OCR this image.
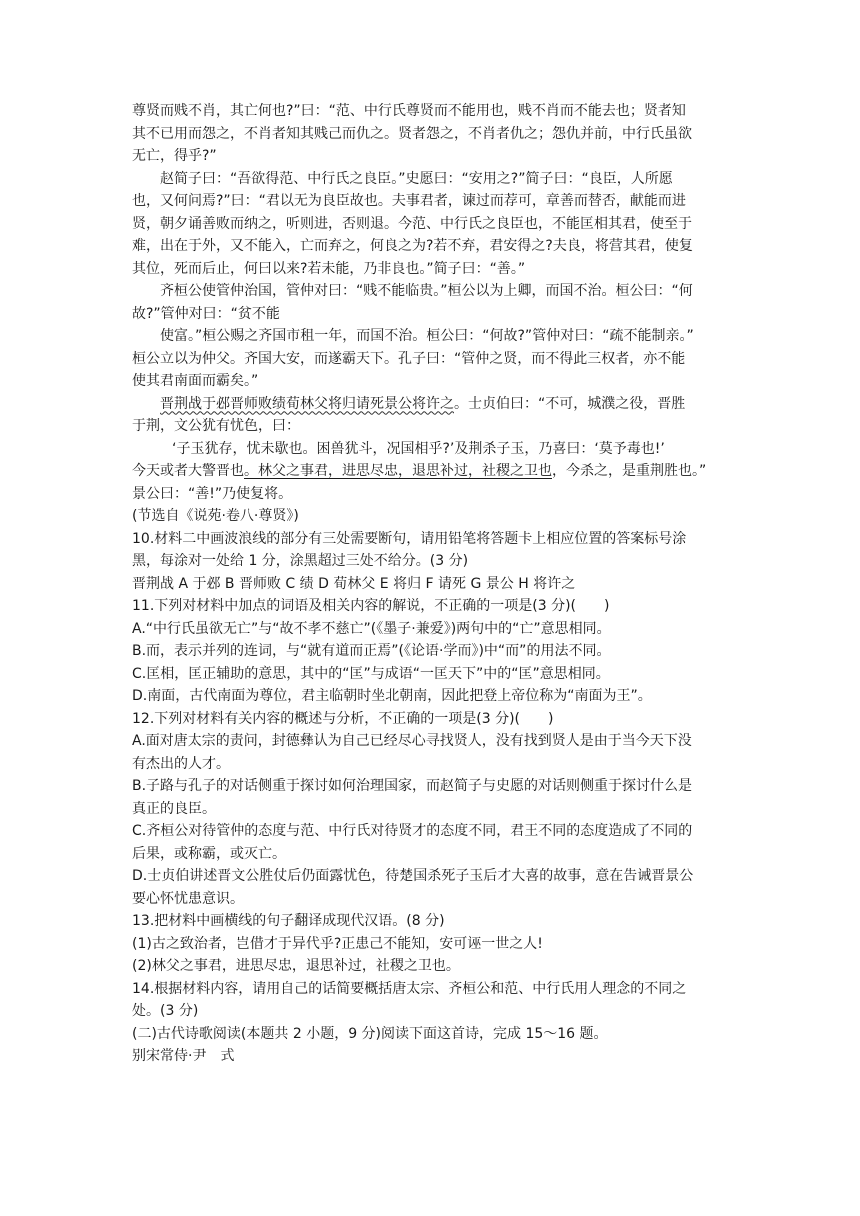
尊贤而贱不肖，其亡何也?”曰：“范、中行氏尊贤而不能用也，贱不肖而不能去也；贤者知
其不已用而怨之，不肖者知其贱己而仇之。贤者怨之，不肖者仇之；怨仇并前，中行氏虽欲
无亡，得乎?”
赵简子曰：“吾欲得范、中行氏之良臣。”史愿曰：“安用之?”简子曰：“良臣，人所愿
也，又何问焉?”曰：“君以无为良臣故也。夫事君者，谏过而荐可，章善而替否，献能而进
贤，朝夕诵善败而纳之，听则进，否则退。今范、中行氏之良臣也，不能匡相其君，使至于
难，出在于外，又不能入，亡而弃之，何良之为?若不弃，君安得之?夫良，将营其君，使复
其位，死而后止，何曰以来?若未能，乃非良也。”简子曰：“善。”
齐桓公使管仲治国，管仲对曰：“贱不能临贵。”桓公以为上卿，而国不治。桓公曰：“何
故?”管仲对曰：“贫不能
使富。”桓公赐之齐国市租一年，而国不治。桓公曰：“何故?”管仲对曰：“疏不能制亲。”
桓公立以为仲父。齐国大安，而遂霸天下。孔子曰：“管仲之贤，而不得此三权者，亦不能
使其君南面而霸矣。”
晋荆战于邲晋师败绩荀林父将归请死景公将许之。士贞伯曰：“不可，城濮之役，晋胜
于荆，文公犹有忧色，曰：
‘子玉犹存，忧未歇也。困兽犹斗，况国相乎?’及荆杀子玉，乃喜曰：‘莫予毒也!’
今天或者大警晋也。林父之事君，进思尽忠，退思补过，社稷之卫也，今杀之，是重荆胜也。”
景公曰：“善!”乃使复将。
(节选自《说苑·卷八·尊贤》)
10.材料二中画波浪线的部分有三处需要断句，请用铅笔将答题卡上相应位置的答案标号涂
黑，每涂对一处给 1 分，涂黑超过三处不给分。(3 分)
晋荆战 A 于邲 B 晋师败 C 绩 D 荀林父 E 将归 F 请死 G 景公 H 将许之
11.下列对材料中加点的词语及相关内容的解说，不正确的一项是(3 分)(　　)
A.“中行氏虽欲无亡”与“故不孝不慈亡”(《墨子·兼爱》)两句中的“亡”意思相同。
B.而，表示并列的连词，与“就有道而正焉”(《论语·学而》)中“而”的用法不同。
C.匡相，匡正辅助的意思，其中的“匡”与成语“一匡天下”中的“匡”意思相同。
D.南面，古代南面为尊位，君主临朝时坐北朝南，因此把登上帝位称为“南面为王”。
12.下列对材料有关内容的概述与分析，不正确的一项是(3 分)(　　)
A.面对唐太宗的责问，封德彝认为自己已经尽心寻找贤人，没有找到贤人是由于当今天下没
有杰出的人才。
B.子路与孔子的对话侧重于探讨如何治理国家，而赵简子与史愿的对话则侧重于探讨什么是
真正的良臣。
C.齐桓公对待管仲的态度与范、中行氏对待贤才的态度不同，君王不同的态度造成了不同的
后果，或称霸，或灭亡。
D.士贞伯讲述晋文公胜仗后仍面露忧色，待楚国杀死子玉后才大喜的故事，意在告诫晋景公
要心怀忧患意识。
13.把材料中画横线的句子翻译成现代汉语。(8 分)
(1)古之致治者，岂借才于异代乎?正患己不能知，安可诬一世之人!
(2)林父之事君，进思尽忠，退思补过，社稷之卫也。
14.根据材料内容，请用自己的话简要概括唐太宗、齐桓公和范、中行氏用人理念的不同之
处。(3 分)
(二)古代诗歌阅读(本题共 2 小题，9 分)阅读下面这首诗，完成 15～16 题。
别宋常侍·尹　式
